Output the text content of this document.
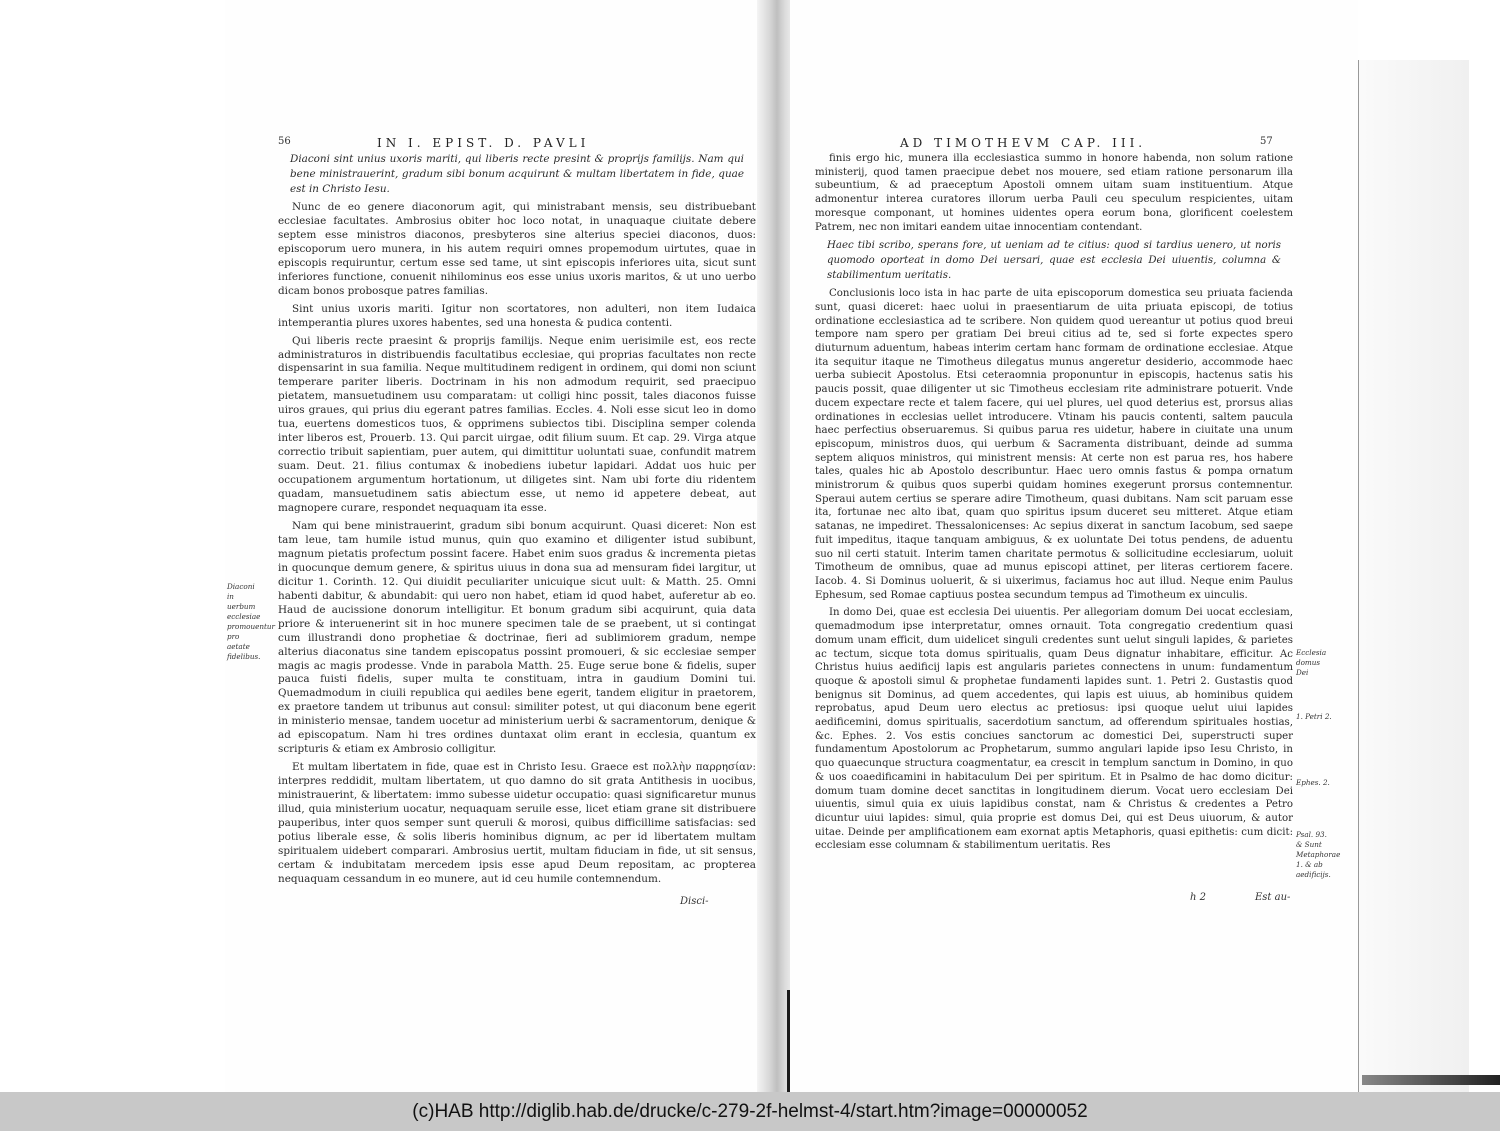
56	IN I. EPIST. D. PAVLI

Diaconi sint unius uxoris mariti, qui liberis recte presint & proprijs familijs. Nam qui bene ministrauerint, gradum sibi bonum acquirunt & multam libertatem in fide, quae est in Christo Iesu.

Nunc de eo genere diaconorum agit, qui ministrabant mensis, seu distribuebant ecclesiae facultates. Ambrosius obiter hoc loco notat, in unaquaque ciuitate debere septem esse ministros diaconos, presbyteros sine alterius speciei diaconos, duos: episcoporum uero munera, in his autem requiri omnes propemodum uirtutes, quae in episcopis requiruntur, certum esse sed tame, ut sint episcopis inferiores uita, sicut sunt inferiores functione, conuenit nihilominus eos esse unius uxoris maritos, & ut uno uerbo dicam bonos probosque patres familias.

Sint unius uxoris mariti. Igitur non scortatores, non adulteri, non item Iudaica intemperantia plures uxores habentes, sed una honesta & pudica contenti.

Qui liberis recte praesint & proprijs familijs. Neque enim uerisimile est, eos recte administraturos in distribuendis facultatibus ecclesiae, qui proprias facultates non recte dispensarint in sua familia. Neque multitudinem redigent in ordinem, qui domi non sciunt temperare pariter liberis. Doctrinam in his non admodum requirit, sed praecipuo pietatem, mansuetudinem usu comparatam: ut colligi hinc possit, tales diaconos fuisse uiros graues, qui prius diu egerant patres familias. Eccles. 4. Noli esse sicut leo in domo tua, euertens domesticos tuos, & opprimens subiectos tibi. Disciplina semper colenda inter liberos est, Prouerb. 13. Qui parcit uirgae, odit filium suum. Et cap. 29. Virga atque correctio tribuit sapientiam, puer autem, qui dimittitur uoluntati suae, confundit matrem suam. Deut. 21. filius contumax & inobediens iubetur lapidari. Addat uos huic per occupationem argumentum hortationum, ut diligetes sint. Nam ubi forte diu ridentem quadam, mansuetudinem satis abiectum esse, ut nemo id appetere debeat, aut magnopere curare, respondet nequaquam ita esse.

Nam qui bene ministrauerint, gradum sibi bonum acquirunt. Quasi diceret: Non est tam leue, tam humile istud munus, quin quo examino et diligenter istud subibunt, magnum pietatis profectum possint facere. Habet enim suos gradus & incrementa pietas in quocunque demum genere, & spiritus uiuus in dona sua ad mensuram fidei largitur, ut dicitur 1. Corinth. 12. Qui diuidit peculiariter unicuique sicut uult: & Matth. 25. Omni habenti dabitur, & abundabit: qui uero non habet, etiam id quod habet, auferetur ab eo. Haud de aucissione donorum intelligitur. Et bonum gradum sibi acquirunt, quia data priore & interuenerint sit in hoc munere specimen tale de se praebent, ut si contingat cum illustrandi dono prophetiae & doctrinae, fieri ad sublimiorem gradum, nempe alterius diaconatus sine tandem episcopatus possint promoueri, & sic ecclesiae semper magis ac magis prodesse. Vnde in parabola Matth. 25. Euge serue bone & fidelis, super pauca fuisti fidelis, super multa te constituam, intra in gaudium Domini tui. Quemadmodum in ciuili republica qui aediles bene egerit, tandem eligitur in praetorem, ex praetore tandem ut tribunus aut consul: similiter potest, ut qui diaconum bene egerit in ministerio mensae, tandem uocetur ad ministerium uerbi & sacramentorum, denique & ad episcopatum. Nam hi tres ordines duntaxat olim erant in ecclesia, quantum ex scripturis & etiam ex Ambrosio colligitur.

Et multam libertatem in fide, quae est in Christo Iesu. Graece est πολλὴν παρρησίαν: interpres reddidit, multam libertatem, ut quo damno do sit grata Antithesis in uocibus, ministrauerint, & libertatem: immo subesse uidetur occupatio: quasi significaretur munus illud, quia ministerium uocatur, nequaquam seruile esse, licet etiam grane sit distribuere pauperibus, inter quos semper sunt queruli & morosi, quibus difficillime satisfacias: sed potius liberale esse, & solis liberis hominibus dignum, ac per id libertatem multam spiritualem uidebert comparari. Ambrosius uertit, multam fiduciam in fide, ut sit sensus, certam & indubitatam mercedem ipsis esse apud Deum repositam, ac propterea nequaquam cessandum in eo munere, aut id ceu humile contemnendum.

Diaconi in uerbum ecclesiae promouentur pro aetate fidelibus.
Disci-
AD TIMOTHEVM CAP. III.	57

finis ergo hic, munera illa ecclesiastica summo in honore habenda, non solum ratione ministerij, quod tamen praecipue debet nos mouere, sed etiam ratione personarum illa subeuntium, & ad praeceptum Apostoli omnem uitam suam instituentium. Atque admonentur interea curatores illorum uerba Pauli ceu speculum respicientes, uitam moresque componant, ut homines uidentes opera eorum bona, glorificent coelestem Patrem, nec non imitari eandem uitae innocentiam contendant.

Haec tibi scribo, sperans fore, ut ueniam ad te citius: quod si tardius uenero, ut noris quomodo oporteat in domo Dei uersari, quae est ecclesia Dei uiuentis, columna & stabilimentum ueritatis.

Conclusionis loco ista in hac parte de uita episcoporum domestica seu priuata facienda sunt, quasi diceret: haec uolui in praesentiarum de uita priuata episcopi, de totius ordinatione ecclesiastica ad te scribere. Non quidem quod uereantur ut potius quod breui tempore nam spero per gratiam Dei breui citius ad te, sed si forte expectes spero diuturnum aduentum, habeas interim certam hanc formam de ordinatione ecclesiae. Atque ita sequitur itaque ne Timotheus dilegatus munus angeretur desiderio, accommode haec uerba subiecit Apostolus. Etsi ceteraomnia proponuntur in episcopis, hactenus satis his paucis possit, quae diligenter ut sic Timotheus ecclesiam rite administrare potuerit. Vnde ducem expectare recte et talem facere, qui uel plures, uel quod deterius est, prorsus alias ordinationes in ecclesias uellet introducere. Vtinam his paucis contenti, saltem paucula haec perfectius obseruaremus. Si quibus parua res uidetur, habere in ciuitate una unum episcopum, ministros duos, qui uerbum & Sacramenta distribuant, deinde ad summa septem aliquos ministros, qui ministrent mensis: At certe non est parua res, hos habere tales, quales hic ab Apostolo describuntur. Haec uero omnis fastus & pompa ornatum ministrorum & quibus quos superbi quidam homines exegerunt prorsus contemnentur. Speraui autem certius se sperare adire Timotheum, quasi dubitans. Nam scit paruam esse ita, fortunae nec alto ibat, quam quo spiritus ipsum duceret seu mitteret. Atque etiam satanas, ne impediret. Thessalonicenses: Ac sepius dixerat in sanctum Iacobum, sed saepe fuit impeditus, itaque tanquam ambiguus, & ex uoluntate Dei totus pendens, de aduentu suo nil certi statuit. Interim tamen charitate permotus & sollicitudine ecclesiarum, uoluit Timotheum de omnibus, quae ad munus episcopi attinet, per literas certiorem facere. Iacob. 4. Si Dominus uoluerit, & si uixerimus, faciamus hoc aut illud. Neque enim Paulus Ephesum, sed Romae captiuus postea secundum tempus ad Timotheum ex uinculis.

In domo Dei, quae est ecclesia Dei uiuentis. Per allegoriam domum Dei uocat ecclesiam, quemadmodum ipse interpretatur, omnes ornauit. Tota congregatio credentium quasi domum unam efficit, dum uidelicet singuli credentes sunt uelut singuli lapides, & parietes ac tectum, sicque tota domus spiritualis, quam Deus dignatur inhabitare, efficitur. Ac Christus huius aedificij lapis est angularis parietes connectens in unum: fundamentum quoque & apostoli simul & prophetae fundamenti lapides sunt. 1. Petri 2. Gustastis quod benignus sit Dominus, ad quem accedentes, qui lapis est uiuus, ab hominibus quidem reprobatus, apud Deum uero electus ac pretiosus: ipsi quoque uelut uiui lapides aedificemini, domus spiritualis, sacerdotium sanctum, ad offerendum spirituales hostias, &c. Ephes. 2. Vos estis conciues sanctorum ac domestici Dei, superstructi super fundamentum Apostolorum ac Prophetarum, summo angulari lapide ipso Iesu Christo, in quo quaecunque structura coagmentatur, ea crescit in templum sanctum in Domino, in quo & uos coaedificamini in habitaculum Dei per spiritum. Et in Psalmo de hac domo dicitur: domum tuam domine decet sanctitas in longitudinem dierum. Vocat uero ecclesiam Dei uiuentis, simul quia ex uiuis lapidibus constat, nam & Christus & credentes a Petro dicuntur uiui lapides: simul, quia proprie est domus Dei, qui est Deus uiuorum, & autor uitae. Deinde per amplificationem eam exornat aptis Metaphoris, quasi epithetis: cum dicit: ecclesiam esse columnam & stabilimentum ueritatis. Res

Ecclesia domus Dei
1. Petri 2.
Ephes. 2.
Psal. 93. & Sunt Metaphorae 1. & ab aedificijs.
h 2	Est au-
(c)HAB http://diglib.hab.de/drucke/c-279-2f-helmst-4/start.htm?image=00000052
